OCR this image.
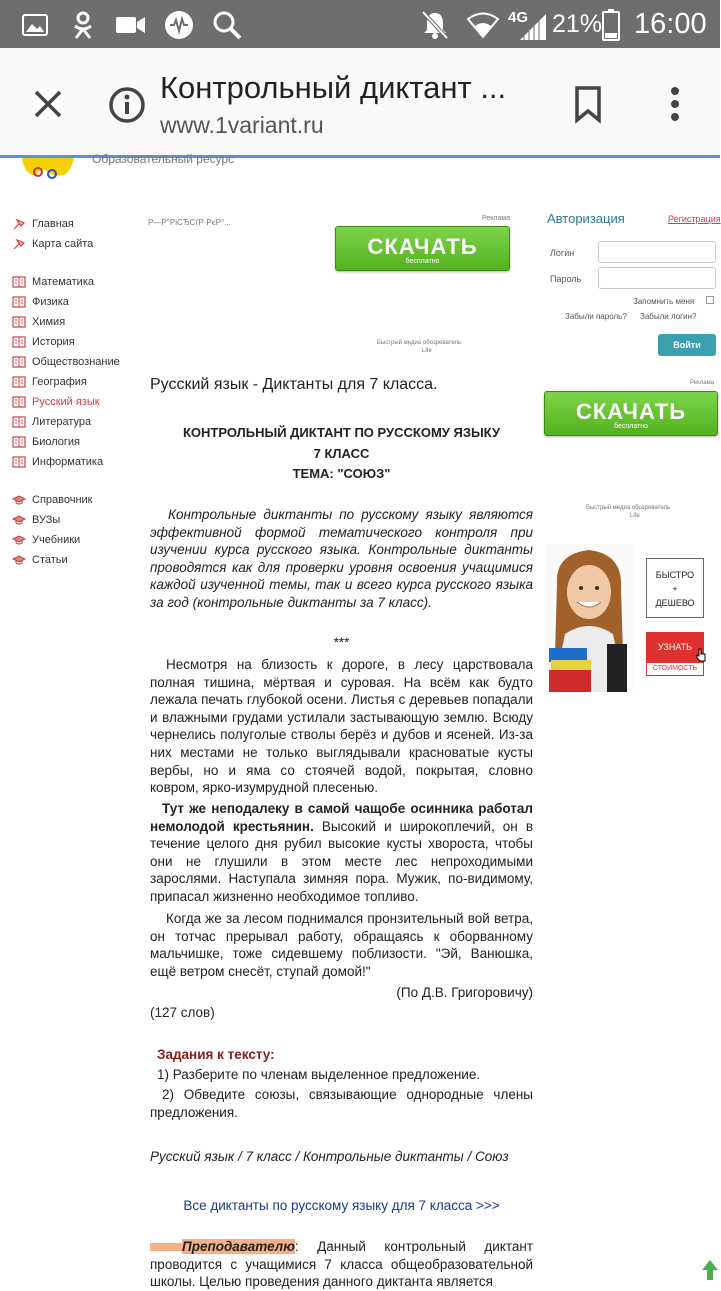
4G 21% 16:00
Контрольный диктант ...
www.1variant.ru
Образовательный ресурс
Главная
Карта сайта
Математика
Физика
Химия
История
Обществознание
География
Русский язык
Литература
Биология
Информатика
Справочник
ВУЗы
Учебники
Статьи
Р—Р°РіСЂСѓР·РєР°...	Реклама
СКАЧАТЬ
бесплатно
Быстрый медиа обозреватель
Life
Авторизация	Регистрация
Логин
Пароль
Запомнить меня
Забыли пароль? Забыли логин?
Войти
Реклама
СКАЧАТЬ
бесплатно
Быстрый медиа обозреватель
Life
БЫСТРО
+
ДЕШЕВО
УЗНАТЬ
СТОИМОСТЬ
Русский язык - Диктанты для 7 класса.
КОНТРОЛЬНЫЙ ДИКТАНТ ПО РУССКОМУ ЯЗЫКУ
7 КЛАСС
ТЕМА: "СОЮЗ"
Контрольные диктанты по русскому языку являются эффективной формой тематического контроля при изучении курса русского языка. Контрольные диктанты проводятся как для проверки уровня освоения учащимися каждой изученной темы, так и всего курса русского языка за год (контрольные диктанты за 7 класс).
***
Несмотря на близость к дороге, в лесу царствовала полная тишина, мёртвая и суровая. На всём как будто лежала печать глубокой осени. Листья с деревьев попадали и влажными грудами устилали застывающую землю. Всюду чернелись полуголые стволы берёз и дубов и ясеней. Из-за них местами не только выглядывали красноватые кусты вербы, но и яма со стоячей водой, покрытая, словно ковром, ярко-изумрудной плесенью.
Тут же неподалеку в самой чащобе осинника работал немолодой крестьянин. Высокий и широкоплечий, он в течение целого дня рубил высокие кусты хвороста, чтобы они не глушили в этом месте лес непроходимыми зарослями. Наступала зимняя пора. Мужик, по-видимому, припасал жизненно необходимое топливо.
Когда же за лесом поднимался пронзительный вой ветра, он тотчас прерывал работу, обращаясь к оборванному мальчишке, тоже сидевшему поблизости. "Эй, Ванюшка, ещё ветром снесёт, ступай домой!"
(По Д.В. Григоровичу)
(127 слов)
Задания к тексту:
1) Разберите по членам выделенное предложение.
2) Обведите союзы, связывающие однородные члены предложения.
Русский язык / 7 класс / Контрольные диктанты / Союз
Все диктанты по русскому языку для 7 класса >>>
Преподавателю: Данный контрольный диктант проводится с учащимися 7 класса общеобразовательной школы. Целью проведения данного диктанта является
